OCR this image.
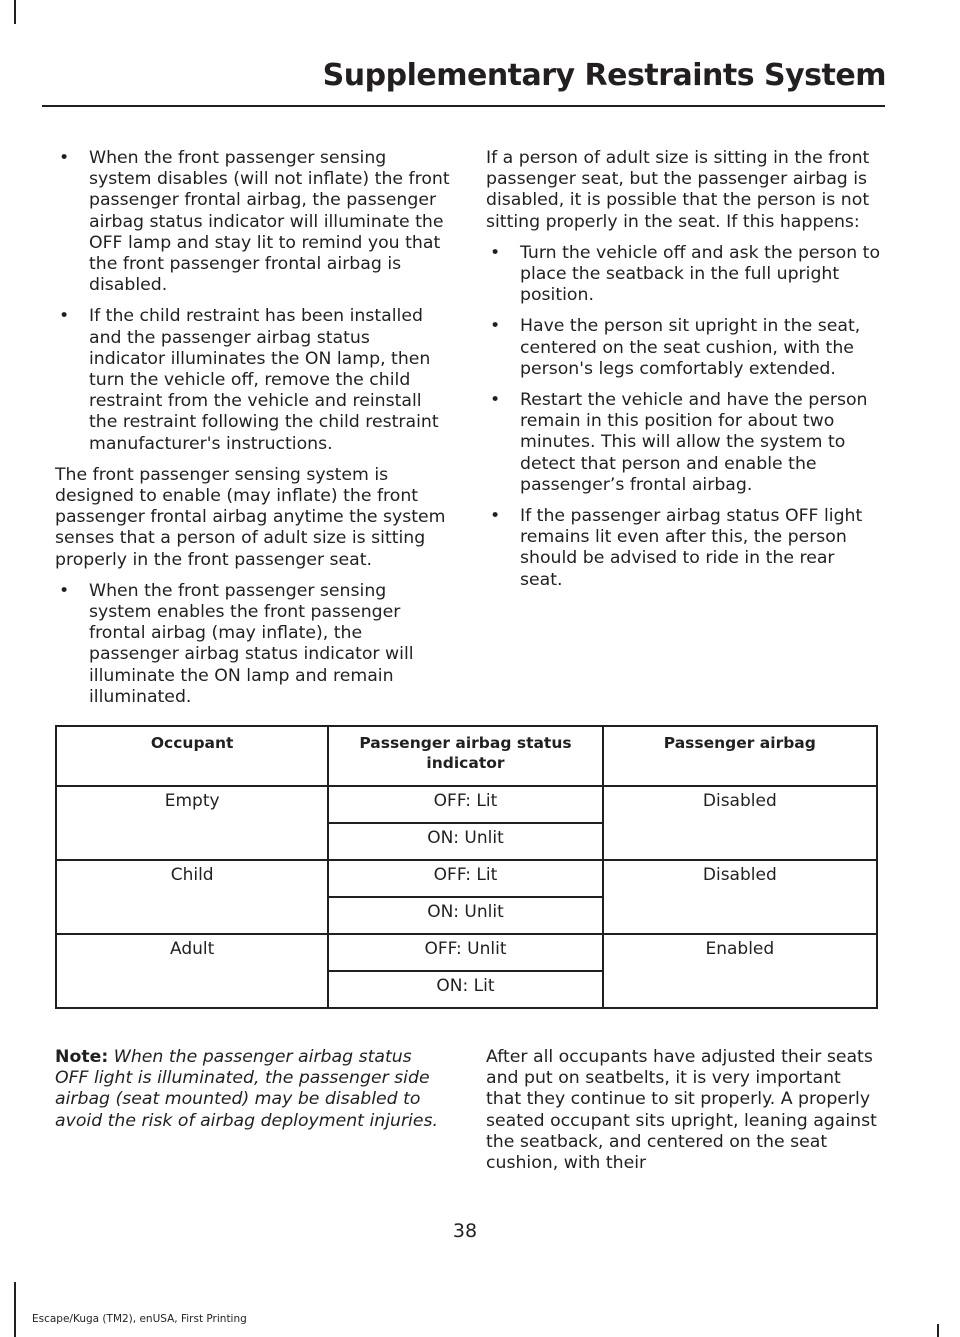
Supplementary Restraints System
• When the front passenger sensing system disables (will not inflate) the front passenger frontal airbag, the passenger airbag status indicator will illuminate the OFF lamp and stay lit to remind you that the front passenger frontal airbag is disabled.
• If the child restraint has been installed and the passenger airbag status indicator illuminates the ON lamp, then turn the vehicle off, remove the child restraint from the vehicle and reinstall the restraint following the child restraint manufacturer's instructions.

The front passenger sensing system is designed to enable (may inflate) the front passenger frontal airbag anytime the system senses that a person of adult size is sitting properly in the front passenger seat.

• When the front passenger sensing system enables the front passenger frontal airbag (may inflate), the passenger airbag status indicator will illuminate the ON lamp and remain illuminated.

If a person of adult size is sitting in the front passenger seat, but the passenger airbag is disabled, it is possible that the person is not sitting properly in the seat. If this happens:

• Turn the vehicle off and ask the person to place the seatback in the full upright position.
• Have the person sit upright in the seat, centered on the seat cushion, with the person's legs comfortably extended.
• Restart the vehicle and have the person remain in this position for about two minutes. This will allow the system to detect that person and enable the passenger’s frontal airbag.
• If the passenger airbag status OFF light remains lit even after this, the person should be advised to ride in the rear seat.
Occupant	Passenger airbag status indicator	Passenger airbag
Empty	OFF: Lit	Disabled
	ON: Unlit	
Child	OFF: Lit	Disabled
	ON: Unlit	
Adult	OFF: Unlit	Enabled
	ON: Lit	

Note: When the passenger airbag status OFF light is illuminated, the passenger side airbag (seat mounted) may be disabled to avoid the risk of airbag deployment injuries.

After all occupants have adjusted their seats and put on seatbelts, it is very important that they continue to sit properly. A properly seated occupant sits upright, leaning against the seatback, and centered on the seat cushion, with their

38

Escape/Kuga (TM2), enUSA, First Printing
